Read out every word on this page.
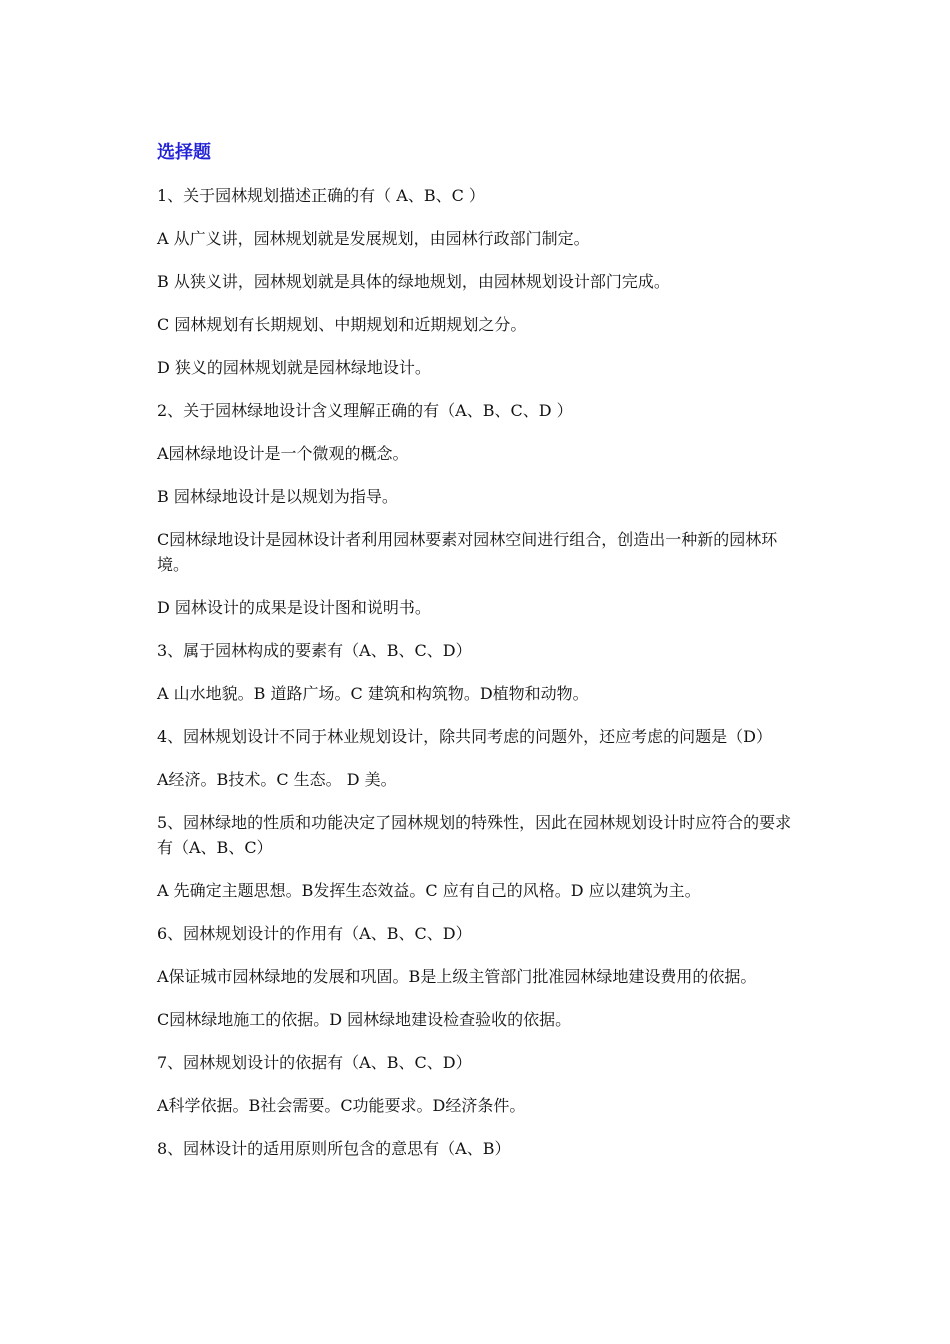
选择题
1、关于园林规划描述正确的有（ A、B、C ）
A 从广义讲，园林规划就是发展规划，由园林行政部门制定。
B 从狭义讲，园林规划就是具体的绿地规划，由园林规划设计部门完成。
C 园林规划有长期规划、中期规划和近期规划之分。
D 狭义的园林规划就是园林绿地设计。
2、关于园林绿地设计含义理解正确的有（A、B、C、D ）
A园林绿地设计是一个微观的概念。
B 园林绿地设计是以规划为指导。
C园林绿地设计是园林设计者利用园林要素对园林空间进行组合，创造出一种新的园林环境。
D 园林设计的成果是设计图和说明书。
3、属于园林构成的要素有（A、B、C、D）
A 山水地貌。B 道路广场。C 建筑和构筑物。D植物和动物。
4、园林规划设计不同于林业规划设计，除共同考虑的问题外，还应考虑的问题是（D）
A经济。B技术。C 生态。 D 美。
5、园林绿地的性质和功能决定了园林规划的特殊性，因此在园林规划设计时应符合的要求有（A、B、C）
A 先确定主题思想。B发挥生态效益。C 应有自己的风格。D 应以建筑为主。
6、园林规划设计的作用有（A、B、C、D）
A保证城市园林绿地的发展和巩固。B是上级主管部门批准园林绿地建设费用的依据。
C园林绿地施工的依据。D 园林绿地建设检查验收的依据。
7、园林规划设计的依据有（A、B、C、D）
A科学依据。B社会需要。C功能要求。D经济条件。
8、园林设计的适用原则所包含的意思有（A、B）
